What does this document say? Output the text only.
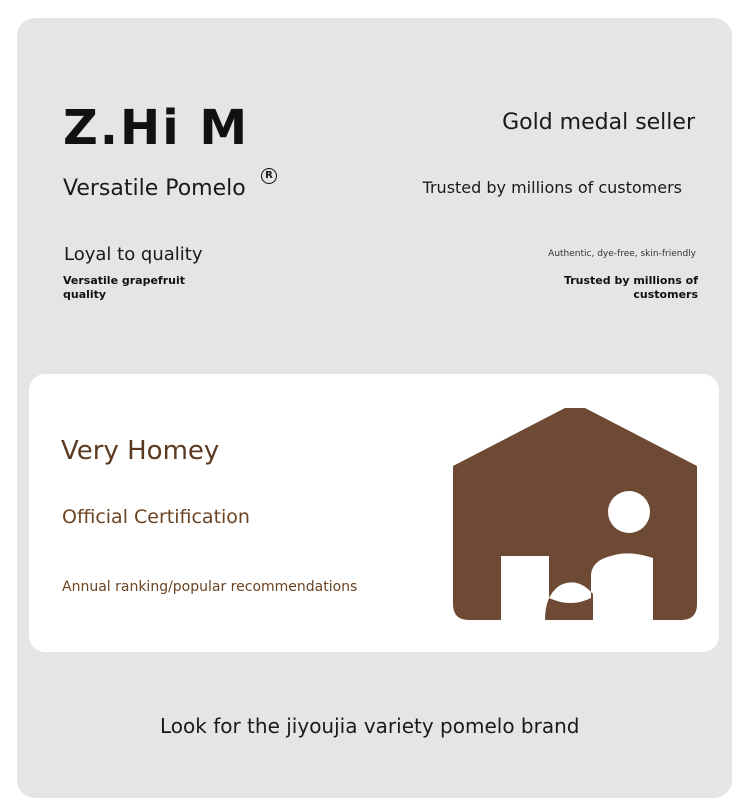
Z.Hi M
R
Versatile Pomelo
Gold medal seller
Trusted by millions of customers
Loyal to quality
Versatile grapefruit quality
Authentic, dye-free, skin-friendly
Trusted by millions of customers
Very Homey
Official Certification
Annual ranking/popular recommendations
Look for the jiyoujia variety pomelo brand
